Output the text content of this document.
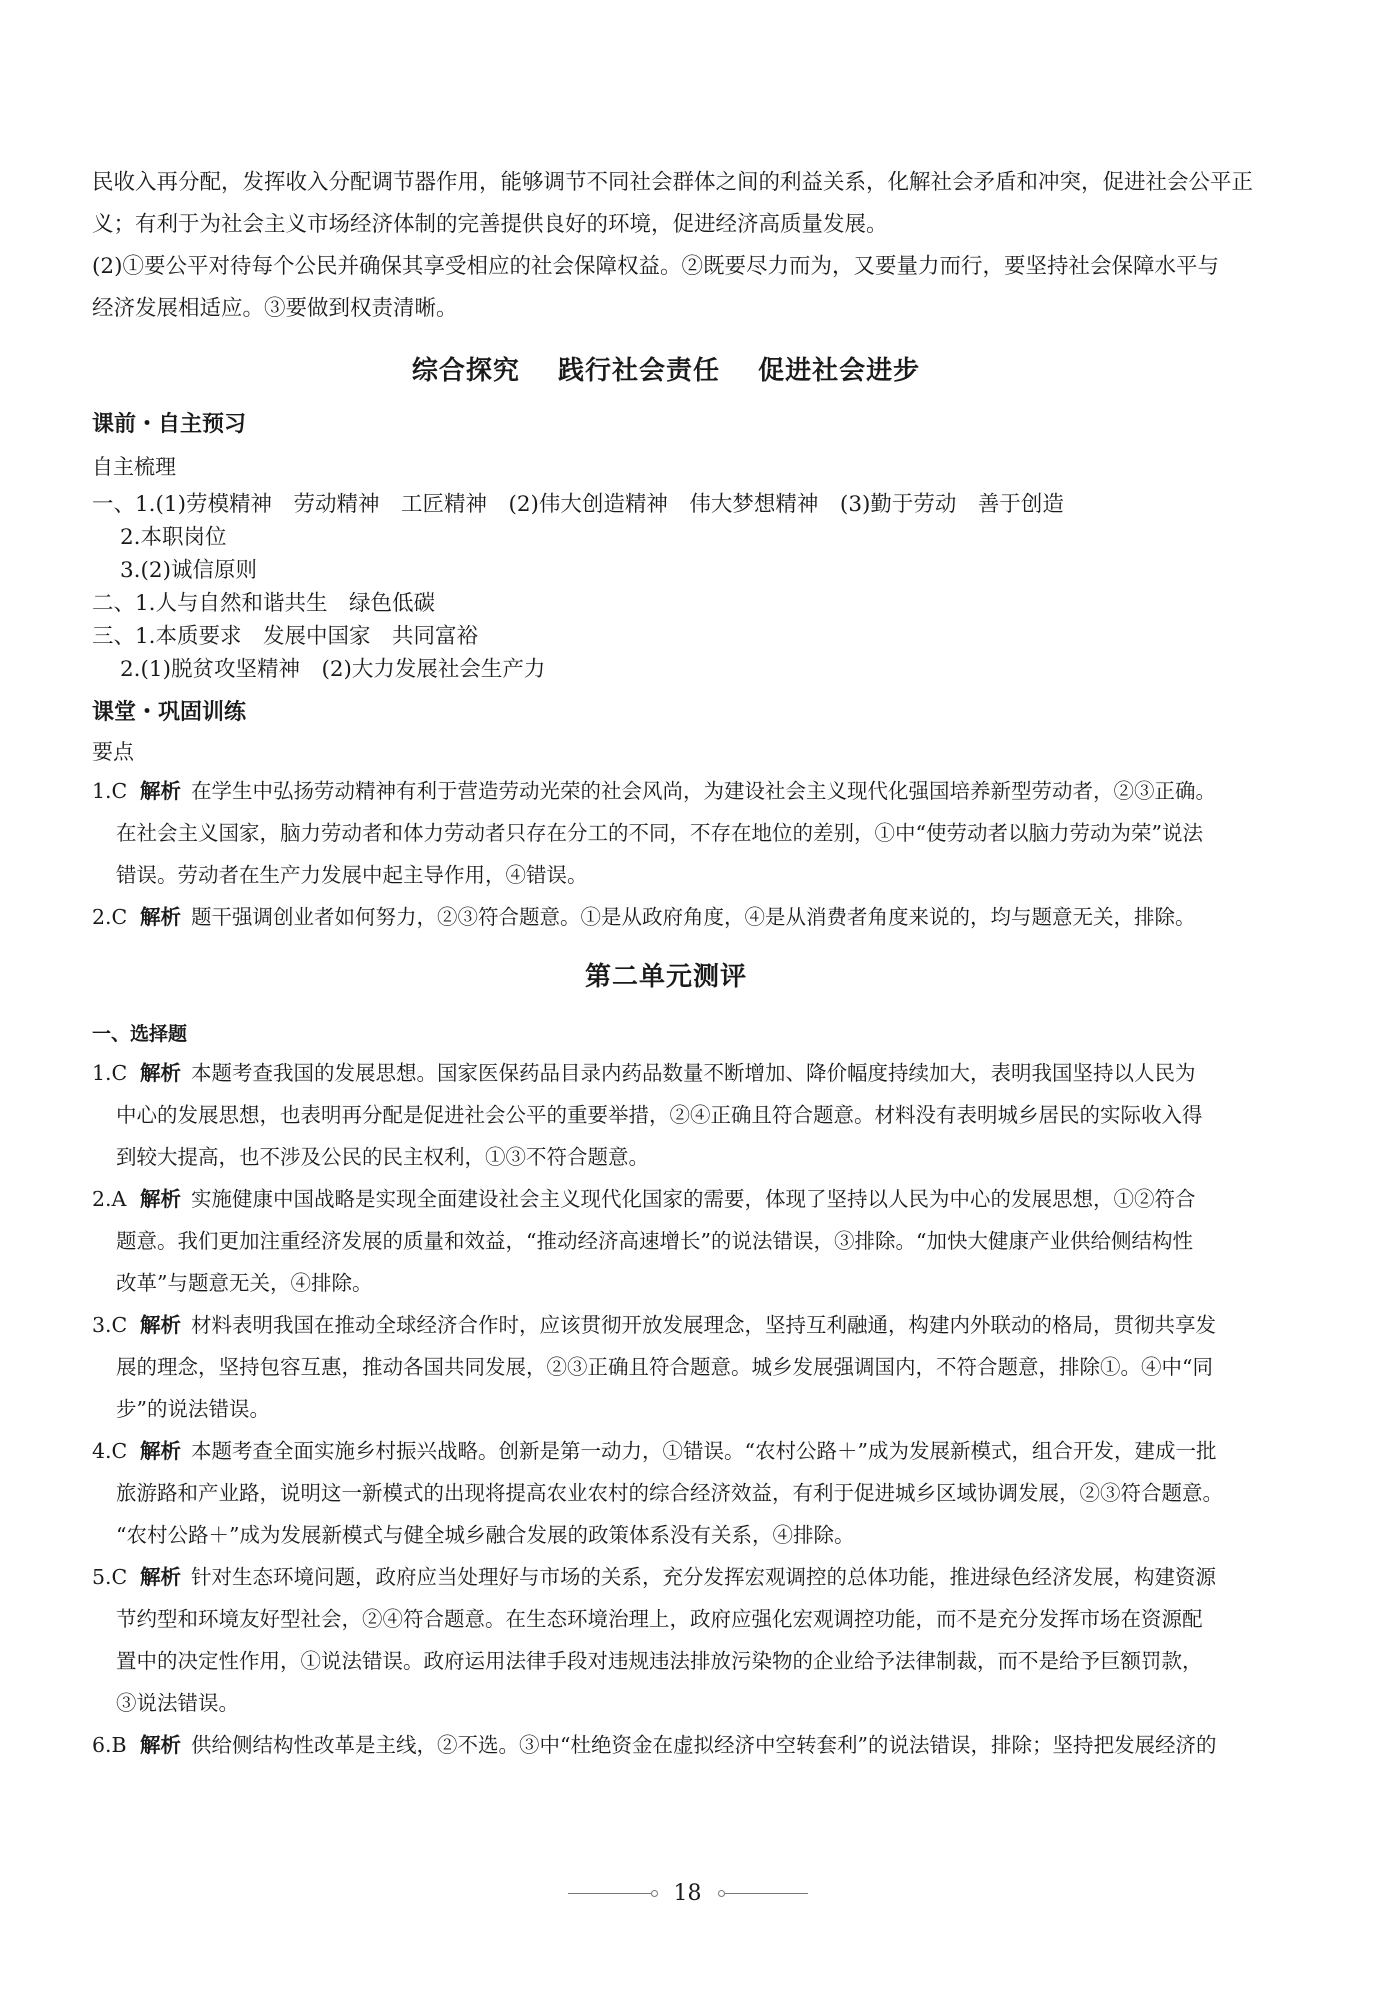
民收入再分配，发挥收入分配调节器作用，能够调节不同社会群体之间的利益关系，化解社会矛盾和冲突，促进社会公平正
义；有利于为社会主义市场经济体制的完善提供良好的环境，促进经济高质量发展。
(2)①要公平对待每个公民并确保其享受相应的社会保障权益。②既要尽力而为，又要量力而行，要坚持社会保障水平与
经济发展相适应。③要做到权责清晰。
综合探究 践行社会责任 促进社会进步
课前・自主预习

自主梳理

一、1.(1)劳模精神　劳动精神　工匠精神　(2)伟大创造精神　伟大梦想精神　(3)勤于劳动　善于创造
2.本职岗位
3.(2)诚信原则
二、1.人与自然和谐共生　绿色低碳
三、1.本质要求　发展中国家　共同富裕
2.(1)脱贫攻坚精神　(2)大力发展社会生产力
课堂・巩固训练

要点

1.C 解析 在学生中弘扬劳动精神有利于营造劳动光荣的社会风尚，为建设社会主义现代化强国培养新型劳动者，②③正确。
在社会主义国家，脑力劳动者和体力劳动者只存在分工的不同，不存在地位的差别，①中“使劳动者以脑力劳动为荣”说法
错误。劳动者在生产力发展中起主导作用，④错误。
2.C 解析 题干强调创业者如何努力，②③符合题意。①是从政府角度，④是从消费者角度来说的，均与题意无关，排除。
第二单元测评
一、选择题
1.C 解析 本题考查我国的发展思想。国家医保药品目录内药品数量不断增加、降价幅度持续加大，表明我国坚持以人民为
中心的发展思想，也表明再分配是促进社会公平的重要举措，②④正确且符合题意。材料没有表明城乡居民的实际收入得
到较大提高，也不涉及公民的民主权利，①③不符合题意。
2.A 解析 实施健康中国战略是实现全面建设社会主义现代化国家的需要，体现了坚持以人民为中心的发展思想，①②符合
题意。我们更加注重经济发展的质量和效益，“推动经济高速增长”的说法错误，③排除。“加快大健康产业供给侧结构性
改革”与题意无关，④排除。
3.C 解析 材料表明我国在推动全球经济合作时，应该贯彻开放发展理念，坚持互利融通，构建内外联动的格局，贯彻共享发
展的理念，坚持包容互惠，推动各国共同发展，②③正确且符合题意。城乡发展强调国内，不符合题意，排除①。④中“同
步”的说法错误。
4.C 解析 本题考查全面实施乡村振兴战略。创新是第一动力，①错误。“农村公路＋”成为发展新模式，组合开发，建成一批
旅游路和产业路，说明这一新模式的出现将提高农业农村的综合经济效益，有利于促进城乡区域协调发展，②③符合题意。
“农村公路＋”成为发展新模式与健全城乡融合发展的政策体系没有关系，④排除。
5.C 解析 针对生态环境问题，政府应当处理好与市场的关系，充分发挥宏观调控的总体功能，推进绿色经济发展，构建资源
节约型和环境友好型社会，②④符合题意。在生态环境治理上，政府应强化宏观调控功能，而不是充分发挥市场在资源配
置中的决定性作用，①说法错误。政府运用法律手段对违规违法排放污染物的企业给予法律制裁，而不是给予巨额罚款，
③说法错误。
6.B 解析 供给侧结构性改革是主线，②不选。③中“杜绝资金在虚拟经济中空转套利”的说法错误，排除；坚持把发展经济的
18
